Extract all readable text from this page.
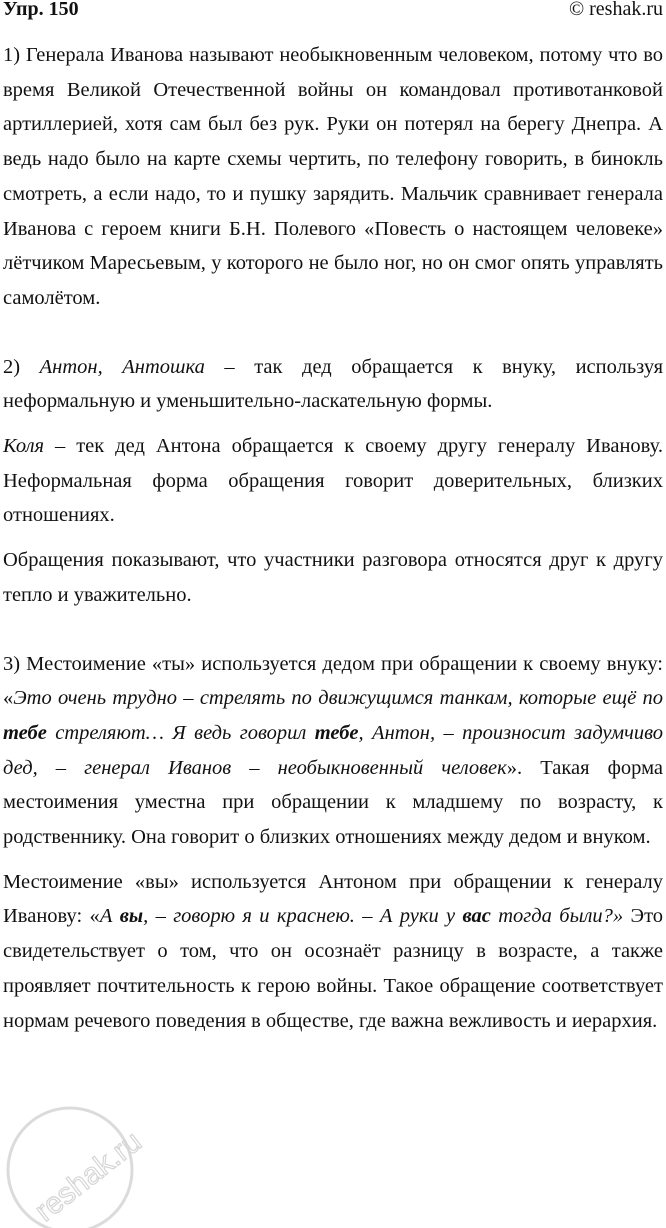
Упр. 150	© reshak.ru

1) Генерала Иванова называют необыкновенным человеком, потому что во время Великой Отечественной войны он командовал противотанковой артиллерией, хотя сам был без рук. Руки он потерял на берегу Днепра. А ведь надо было на карте схемы чертить, по телефону говорить, в бинокль смотреть, а если надо, то и пушку зарядить. Мальчик сравнивает генерала Иванова с героем книги Б.Н. Полевого «Повесть о настоящем человеке» лётчиком Маресьевым, у которого не было ног, но он смог опять управлять самолётом.

2) Антон, Антошка – так дед обращается к внуку, используя неформальную и уменьшительно-ласкательную формы.

Коля – тек дед Антона обращается к своему другу генералу Иванову. Неформальная форма обращения говорит доверительных, близких отношениях.

Обращения показывают, что участники разговора относятся друг к другу тепло и уважительно.

3) Местоимение «ты» используется дедом при обращении к своему внуку: «Это очень трудно – стрелять по движущимся танкам, которые ещё по тебе стреляют… Я ведь говорил тебе, Антон, – произносит задумчиво дед, – генерал Иванов – необыкновенный человек». Такая форма местоимения уместна при обращении к младшему по возрасту, к родственнику. Она говорит о близких отношениях между дедом и внуком.

Местоимение «вы» используется Антоном при обращении к генералу Иванову: «А вы, – говорю я и краснею. – А руки у вас тогда были?» Это свидетельствует о том, что он осознаёт разницу в возрасте, а также проявляет почтительность к герою войны. Такое обращение соответствует нормам речевого поведения в обществе, где важна вежливость и иерархия.

reshak.ru
